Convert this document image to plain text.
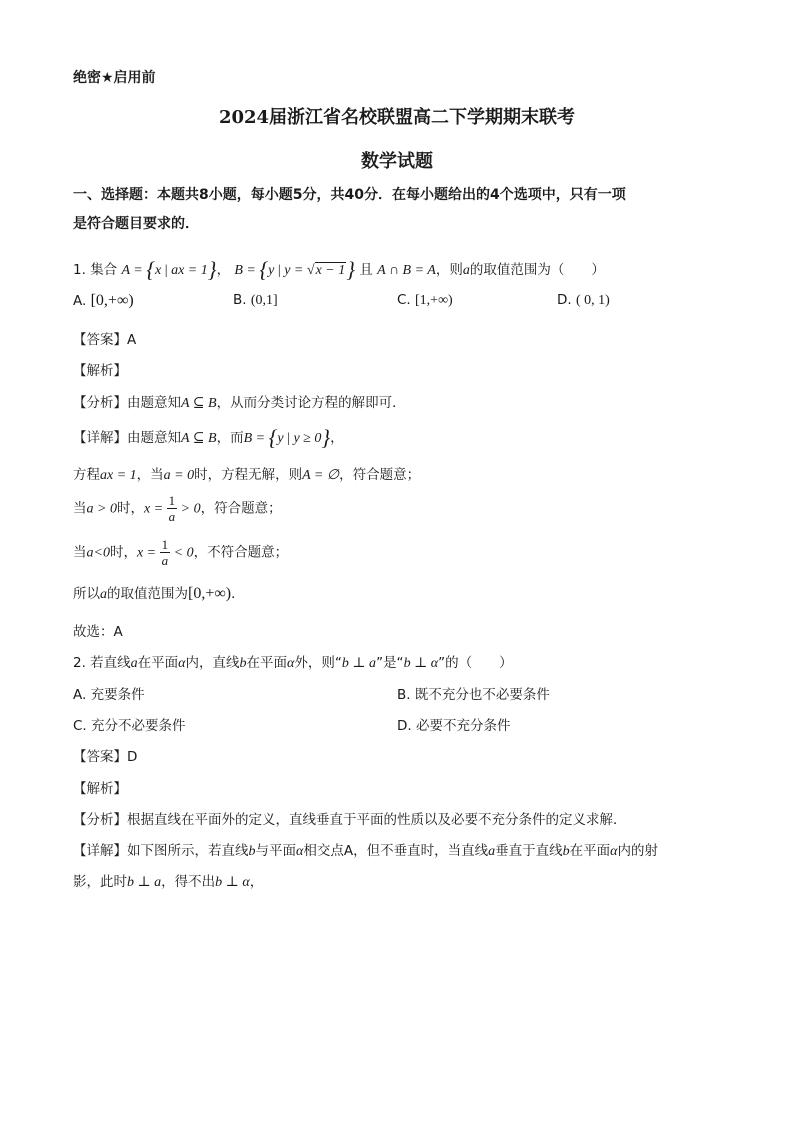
绝密★启用前
2024届浙江省名校联盟高二下学期期末联考
数学试题
一、选择题：本题共8小题，每小题5分，共40分．在每小题给出的4个选项中，只有一项
是符合题目要求的．
1. 集合 A = {x | ax = 1}， B = {y | y = √x − 1} 且 A ∩ B = A，则a的取值范围为（　　）
A. [0,+∞)	B. (0,1]	C. [1,+∞)	D. ( 0, 1)
【答案】A
【解析】
【分析】由题意知A ⊆ B，从而分类讨论方程的解即可．
【详解】由题意知A ⊆ B，而B = {y | y ≥ 0}，
方程ax = 1，当a = 0时，方程无解，则A = ∅，符合题意；
当a > 0时，$x = \frac{1}{a} > 0$，符合题意；
当a<0时，$x = \frac{1}{a} < 0$，不符合题意；
所以a的取值范围为[0,+∞)．
故选：A
2. 若直线a在平面α内，直线b在平面α外，则“b ⊥ a”是“b ⊥ α”的（　　）
A. 充要条件	B. 既不充分也不必要条件
C. 充分不必要条件	D. 必要不充分条件
【答案】D
【解析】
【分析】根据直线在平面外的定义，直线垂直于平面的性质以及必要不充分条件的定义求解．
【详解】如下图所示，若直线b与平面α相交点A，但不垂直时，当直线a垂直于直线b在平面α内的射
影，此时b ⊥ a，得不出b ⊥ α，
